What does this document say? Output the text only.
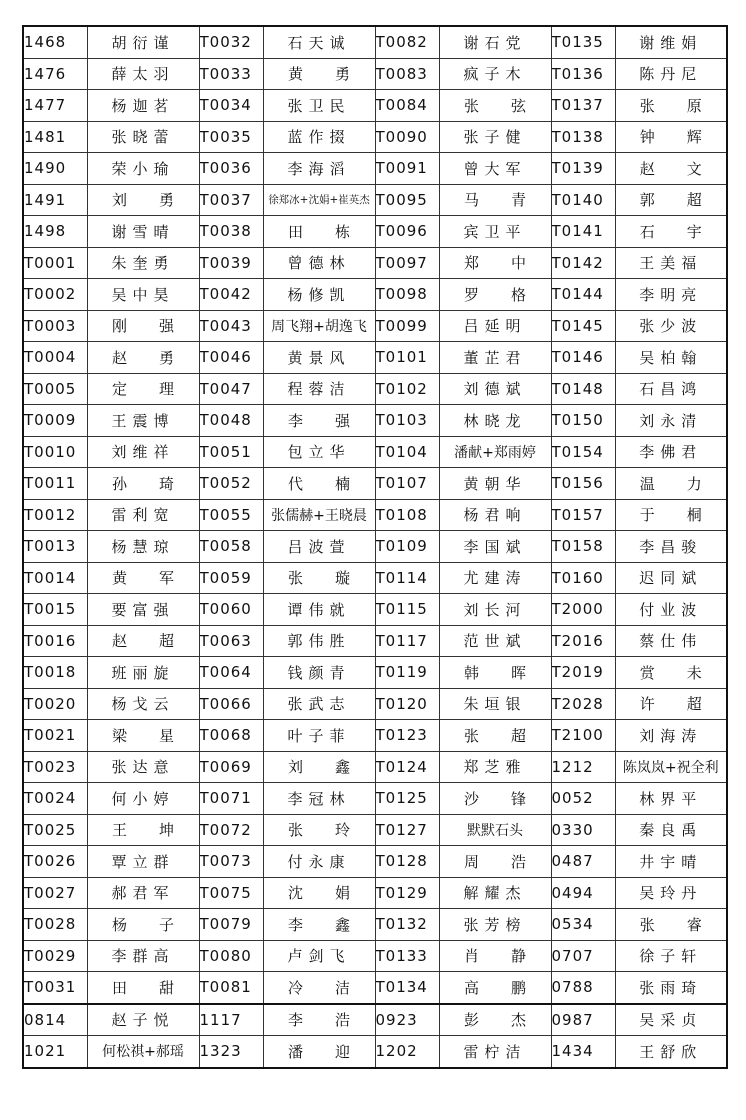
1468	胡衍谨	T0032	石天诚	T0082	谢石党	T0135	谢维娟
1476	薛太羽	T0033	黄 勇	T0083	疯子木	T0136	陈丹尼
1477	杨迦茗	T0034	张卫民	T0084	张 弦	T0137	张 原

1481	张晓蕾	T0035	蓝作掇	T0090	张子健	T0138	钟 辉

1490	荣小瑜	T0036	李海滔	T0091	曾大军	T0139	赵 文

1491	刘 勇	T0037	徐郑冰+沈娟+崔英杰	T0095	马 青	T0140	郭 超

1498	谢雪晴	T0038	田 栋	T0096	宾卫平	T0141	石 宇

T0001	朱奎勇	T0039	曾德林	T0097	郑 中	T0142	王美福
T0002	吴中昊	T0042	杨修凯	T0098	罗 格	T0144	李明亮
T0003	刚 强	T0043	周飞翔+胡逸飞	T0099	吕延明	T0145	张少波
T0004	赵 勇	T0046	黄景风	T0101	董芷君	T0146	吴柏翰
T0005	定 理	T0047	程蓉洁	T0102	刘德斌	T0148	石昌鸿
T0009	王震博	T0048	李 强	T0103	林晓龙	T0150	刘永清
T0010	刘维祥	T0051	包立华	T0104	潘献+郑雨婷	T0154	李佛君
T0011	孙 琦	T0052	代 楠	T0107	黄朝华	T0156	温 力

T0012	雷利宽	T0055	张儒赫+王晓晨	T0108	杨君响	T0157	于 桐

T0013	杨慧琼	T0058	吕波萱	T0109	李国斌	T0158	李昌骏
T0014	黄 军	T0059	张 璇	T0114	尤建涛	T0160	迟同斌
T0015	要富强	T0060	谭伟就	T0115	刘长河	T2000	付业波
T0016	赵 超	T0063	郭伟胜	T0117	范世斌	T2016	蔡仕伟
T0018	班丽旋	T0064	钱颜青	T0119	韩 晖	T2019	赏 未

T0020	杨戈云	T0066	张武志	T0120	朱垣银	T2028	许 超

T0021	梁 星	T0068	叶子菲	T0123	张 超	T2100	刘海涛
T0023	张达意	T0069	刘 鑫	T0124	郑芝雅	1212	陈岚岚+祝全利
T0024	何小婷	T0071	李冠林	T0125	沙 锋	0052	林界平
T0025	王 坤	T0072	张 玲	T0127	默默石头	0330	秦良禹
T0026	覃立群	T0073	付永康	T0128	周 浩	0487	井宇晴
T0027	郝君军	T0075	沈 娟	T0129	解耀杰	0494	吴玲丹
T0028	杨 子	T0079	李 鑫	T0132	张芳榜	0534	张 睿

T0029	李群高	T0080	卢剑飞	T0133	肖 静	0707	徐子轩
T0031	田 甜	T0081	冷 洁	T0134	高 鹏	0788	张雨琦
0814	赵子悦	1117	李 浩	0923	彭 杰	0987	吴采贞
1021	何松祺+郝瑶	1323	潘 迎	1202	雷柠洁	1434	王舒欣
